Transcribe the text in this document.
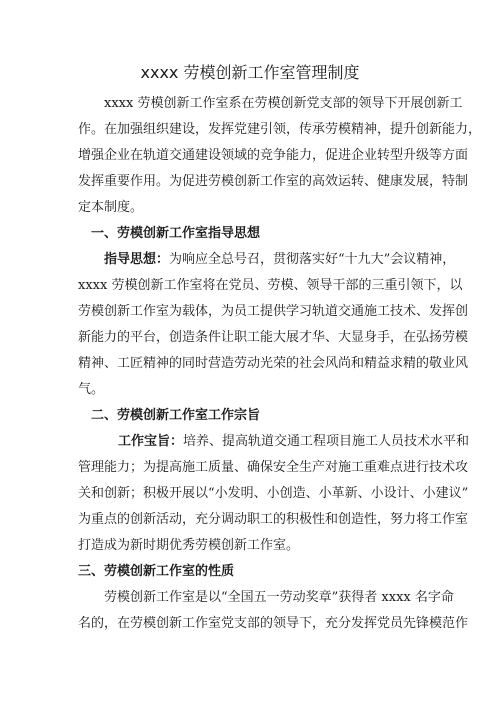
xxxx 劳模创新工作室管理制度
xxxx 劳模创新工作室系在劳模创新党支部的领导下开展创新工
作。在加强组织建设，发挥党建引领，传承劳模精神，提升创新能力，
增强企业在轨道交通建设领域的竞争能力，促进企业转型升级等方面
发挥重要作用。为促进劳模创新工作室的高效运转、健康发展，特制
定本制度。
一、劳模创新工作室指导思想
指导思想：为响应全总号召，贯彻落实好“十九大”会议精神，
xxxx 劳模创新工作室将在党员、劳模、领导干部的三重引领下，以
劳模创新工作室为载体，为员工提供学习轨道交通施工技术、发挥创
新能力的平台，创造条件让职工能大展才华、大显身手，在弘扬劳模
精神、工匠精神的同时营造劳动光荣的社会风尚和精益求精的敬业风
气。
二、劳模创新工作室工作宗旨
工作宝旨：培养、提高轨道交通工程项目施工人员技术水平和
管理能力；为提高施工质量、确保安全生产对施工重难点进行技术攻
关和创新；积极开展以“小发明、小创造、小革新、小设计、小建议”
为重点的创新活动，充分调动职工的积极性和创造性，努力将工作室
打造成为新时期优秀劳模创新工作室。
三、劳模创新工作室的性质
劳模创新工作室是以“全国五一劳动奖章”获得者 xxxx 名字命
名的，在劳模创新工作室党支部的领导下，充分发挥党员先锋模范作
